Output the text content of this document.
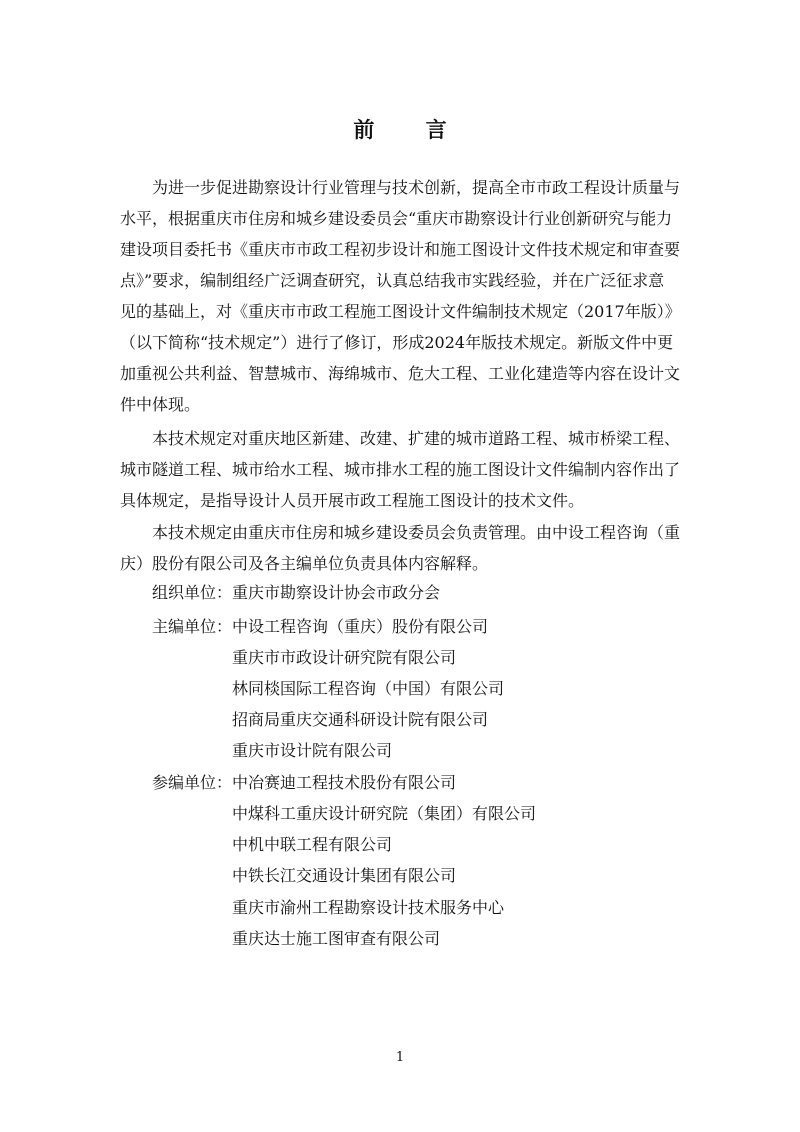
前 言

　　为进一步促进勘察设计行业管理与技术创新，提高全市市政工程设计质量与
水平，根据重庆市住房和城乡建设委员会“重庆市勘察设计行业创新研究与能力
建设项目委托书《重庆市市政工程初步设计和施工图设计文件技术规定和审查要
点》”要求，编制组经广泛调查研究，认真总结我市实践经验，并在广泛征求意
见的基础上，对《重庆市市政工程施工图设计文件编制技术规定（2017年版）》
（以下简称“技术规定”）进行了修订，形成2024年版技术规定。新版文件中更
加重视公共利益、智慧城市、海绵城市、危大工程、工业化建造等内容在设计文
件中体现。

　　本技术规定对重庆地区新建、改建、扩建的城市道路工程、城市桥梁工程、
城市隧道工程、城市给水工程、城市排水工程的施工图设计文件编制内容作出了
具体规定，是指导设计人员开展市政工程施工图设计的技术文件。

　　本技术规定由重庆市住房和城乡建设委员会负责管理。由中设工程咨询（重
庆）股份有限公司及各主编单位负责具体内容解释。

组织单位：重庆市勘察设计协会市政分会
主编单位：中设工程咨询（重庆）股份有限公司
重庆市市政设计研究院有限公司
林同棪国际工程咨询（中国）有限公司
招商局重庆交通科研设计院有限公司
重庆市设计院有限公司
参编单位：中冶赛迪工程技术股份有限公司
中煤科工重庆设计研究院（集团）有限公司
中机中联工程有限公司
中铁长江交通设计集团有限公司
重庆市渝州工程勘察设计技术服务中心
重庆达士施工图审查有限公司
1
